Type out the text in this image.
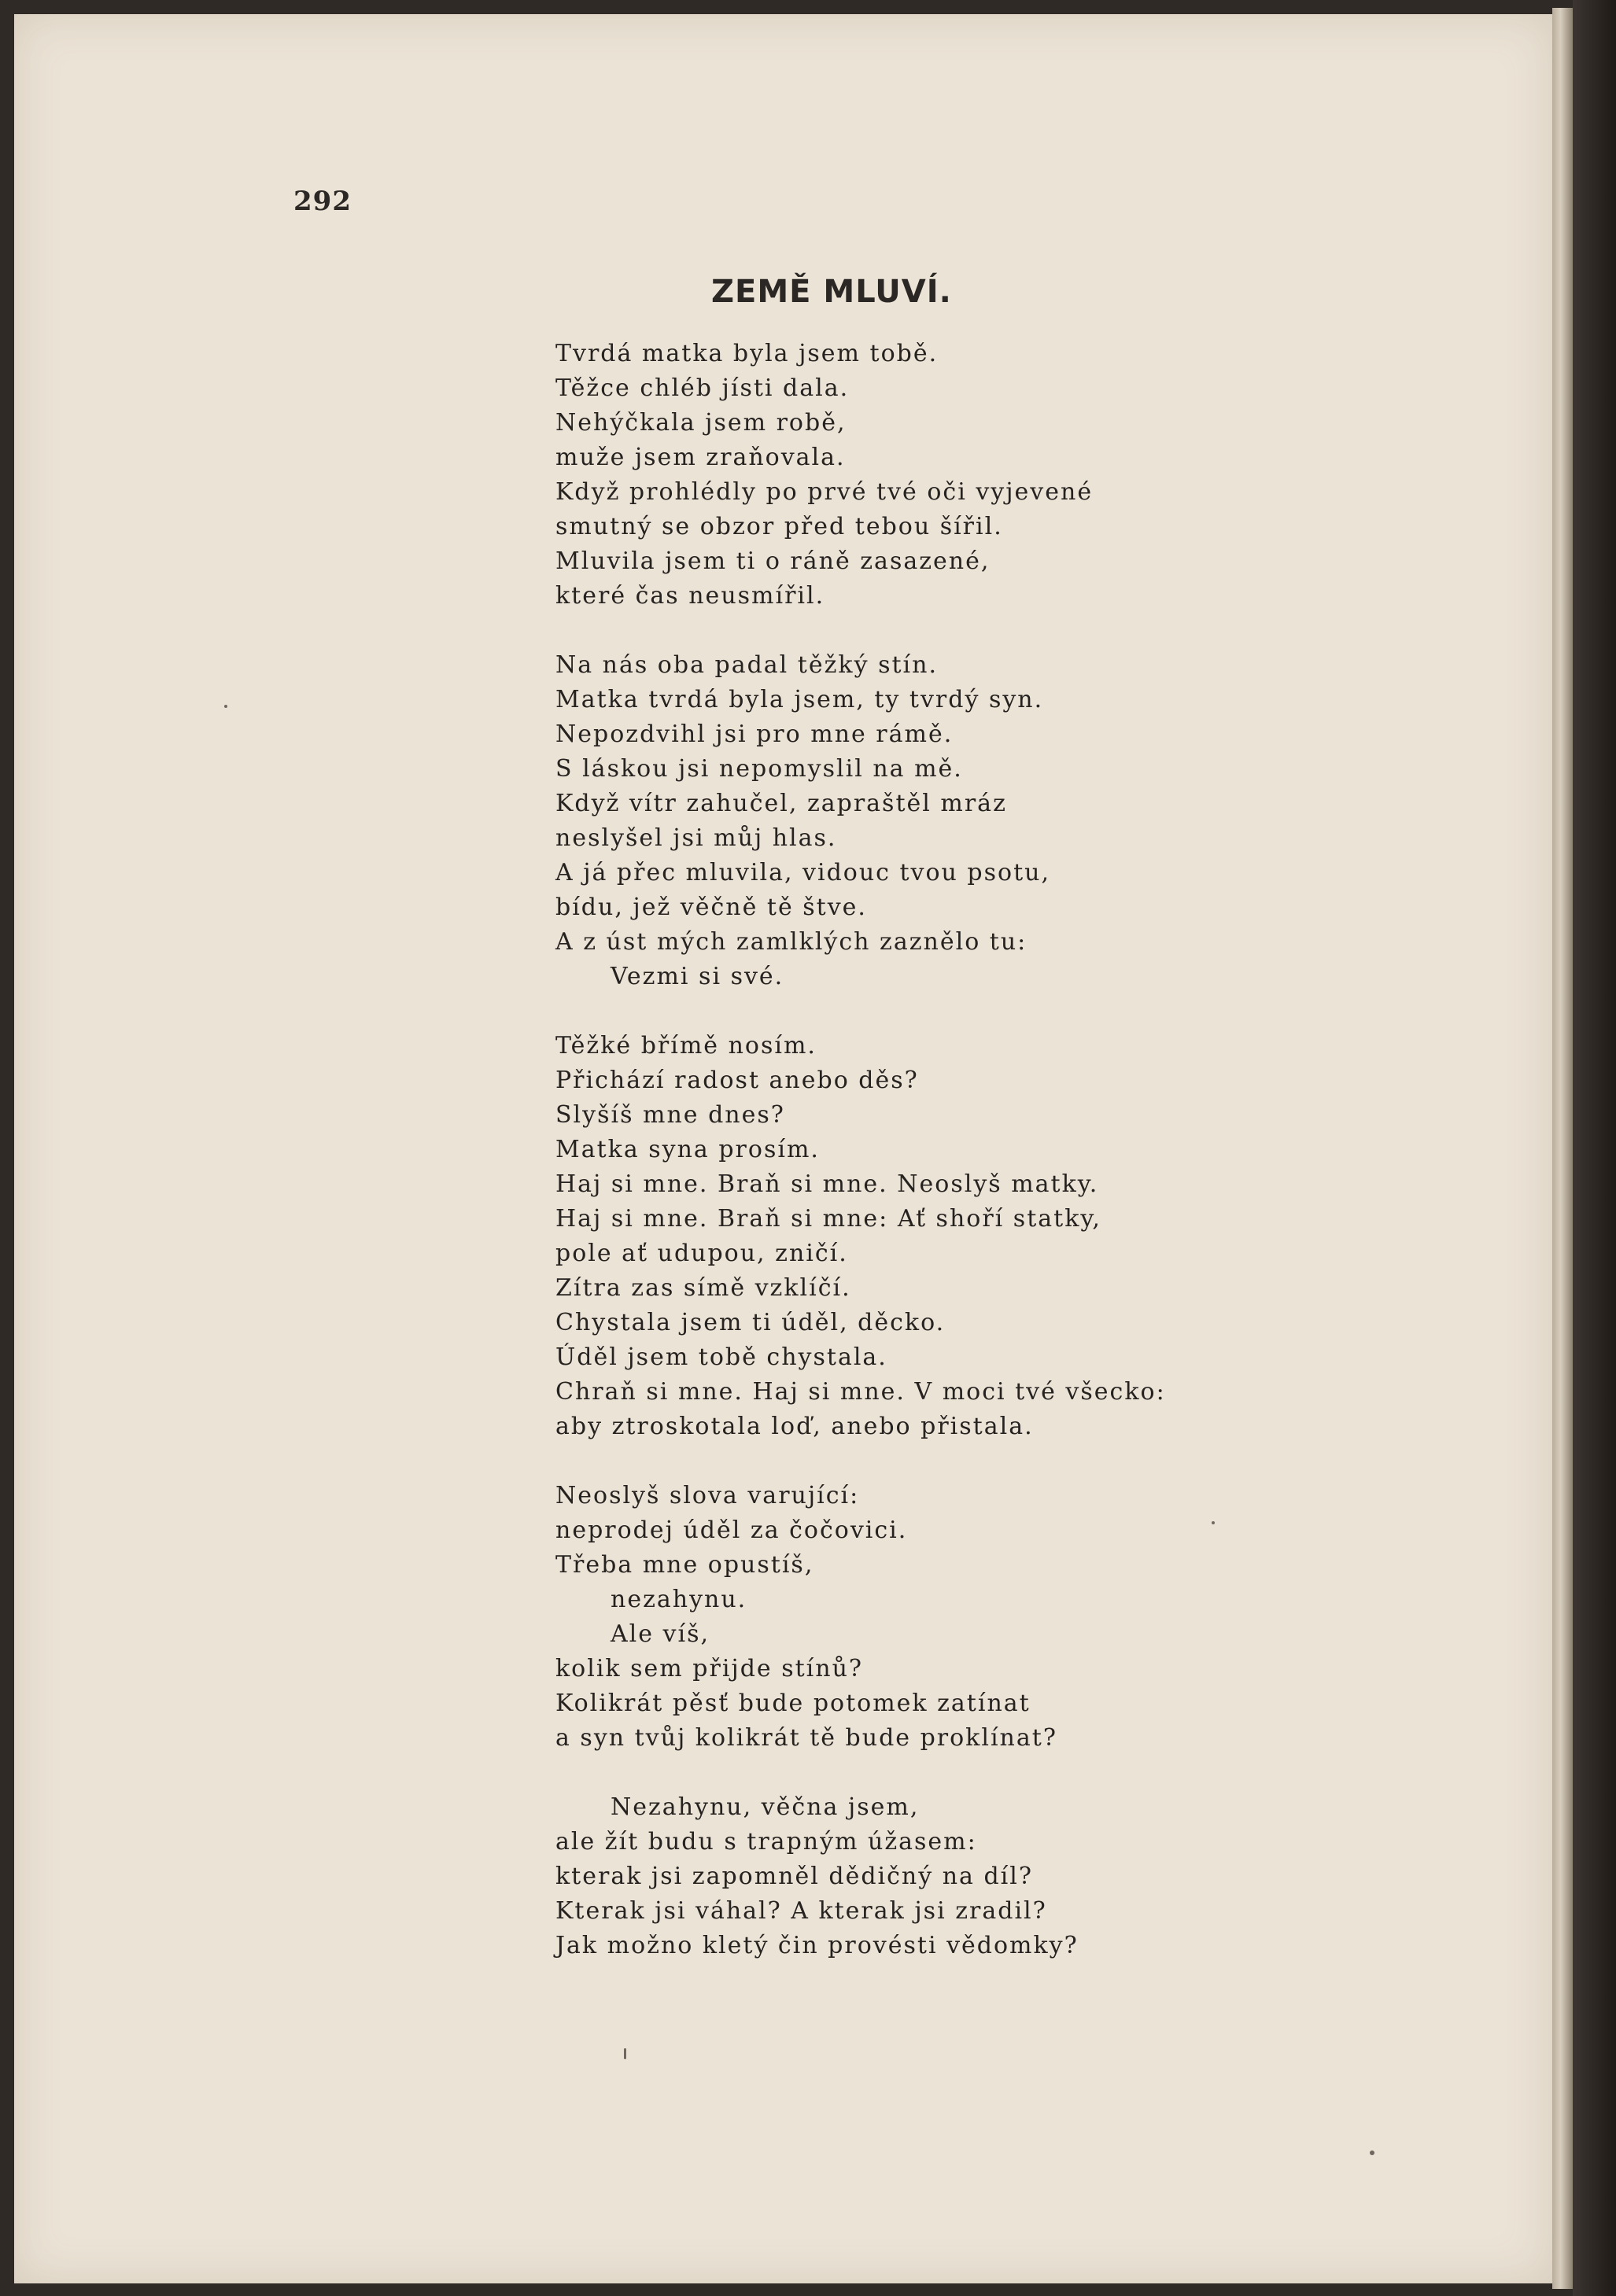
292
ZEMĚ MLUVÍ.
Tvrdá matka byla jsem tobě.
Těžce chléb jísti dala.
Nehýčkala jsem robě,
muže jsem zraňovala.
Když prohlédly po prvé tvé oči vyjevené
smutný se obzor před tebou šířil.
Mluvila jsem ti o ráně zasazené,
které čas neusmířil.
Na nás oba padal těžký stín.
Matka tvrdá byla jsem, ty tvrdý syn.
Nepozdvihl jsi pro mne rámě.
S láskou jsi nepomyslil na mě.
Když vítr zahučel, zapraštěl mráz
neslyšel jsi můj hlas.
A já přec mluvila, vidouc tvou psotu,
bídu, jež věčně tě štve.
A z úst mých zamlklých zaznělo tu:
Vezmi si své.
Těžké břímě nosím.
Přichází radost anebo děs?
Slyšíš mne dnes?
Matka syna prosím.
Haj si mne. Braň si mne. Neoslyš matky.
Haj si mne. Braň si mne: Ať shoří statky,
pole ať udupou, zničí.
Zítra zas símě vzklíčí.
Chystala jsem ti úděl, děcko.
Úděl jsem tobě chystala.
Chraň si mne. Haj si mne. V moci tvé všecko:
aby ztroskotala loď, anebo přistala.
Neoslyš slova varující:
neprodej úděl za čočovici.
Třeba mne opustíš,
nezahynu.
Ale víš,
kolik sem přijde stínů?
Kolikrát pěsť bude potomek zatínat
a syn tvůj kolikrát tě bude proklínat?
Nezahynu, věčna jsem,
ale žít budu s trapným úžasem:
kterak jsi zapomněl dědičný na díl?
Kterak jsi váhal? A kterak jsi zradil?
Jak možno kletý čin provésti vědomky?
